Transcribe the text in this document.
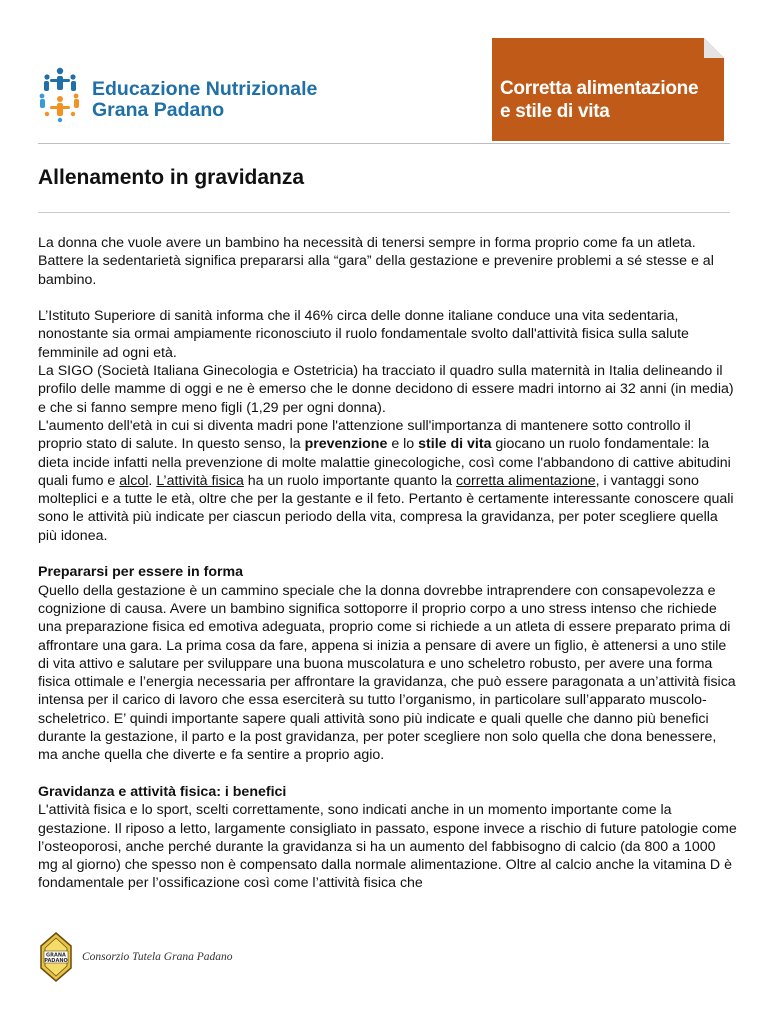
Educazione Nutrizionale
Grana Padano
Corretta alimentazione
e stile di vita
Allenamento in gravidanza

La donna che vuole avere un bambino ha necessità di tenersi sempre in forma proprio come fa un atleta. Battere la sedentarietà significa prepararsi alla “gara” della gestazione e prevenire problemi a sé stesse e al bambino.

L’Istituto Superiore di sanità informa che il 46% circa delle donne italiane conduce una vita sedentaria, nonostante sia ormai ampiamente riconosciuto il ruolo fondamentale svolto dall'attività fisica sulla salute femminile ad ogni età.

La SIGO (Società Italiana Ginecologia e Ostetricia) ha tracciato il quadro sulla maternità in Italia delineando il profilo delle mamme di oggi e ne è emerso che le donne decidono di essere madri intorno ai 32 anni (in media) e che si fanno sempre meno figli (1,29 per ogni donna).

L'aumento dell'età in cui si diventa madri pone l'attenzione sull'importanza di mantenere sotto controllo il proprio stato di salute. In questo senso, la prevenzione e lo stile di vita giocano un ruolo fondamentale: la dieta incide infatti nella prevenzione di molte malattie ginecologiche, così come l'abbandono di cattive abitudini quali fumo e alcol. L’attività fisica ha un ruolo importante quanto la corretta alimentazione, i vantaggi sono molteplici e a tutte le età, oltre che per la gestante e il feto. Pertanto è certamente interessante conoscere quali sono le attività più indicate per ciascun periodo della vita, compresa la gravidanza, per poter scegliere quella più idonea.

Prepararsi per essere in forma

Quello della gestazione è un cammino speciale che la donna dovrebbe intraprendere con consapevolezza e cognizione di causa. Avere un bambino significa sottoporre il proprio corpo a uno stress intenso che richiede una preparazione fisica ed emotiva adeguata, proprio come si richiede a un atleta di essere preparato prima di affrontare una gara. La prima cosa da fare, appena si inizia a pensare di avere un figlio, è attenersi a uno stile di vita attivo e salutare per sviluppare una buona muscolatura e uno scheletro robusto, per avere una forma fisica ottimale e l’energia necessaria per affrontare la gravidanza, che può essere paragonata a un’attività fisica intensa per il carico di lavoro che essa eserciterà su tutto l’organismo, in particolare sull’apparato muscolo-scheletrico. E’ quindi importante sapere quali attività sono più indicate e quali quelle che danno più benefici durante la gestazione, il parto e la post gravidanza, per poter scegliere non solo quella che dona benessere, ma anche quella che diverte e fa sentire a proprio agio.

Gravidanza e attività fisica: i benefici

L'attività fisica e lo sport, scelti correttamente, sono indicati anche in un momento importante come la gestazione. Il riposo a letto, largamente consigliato in passato, espone invece a rischio di future patologie come l’osteoporosi, anche perché durante la gravidanza si ha un aumento del fabbisogno di calcio (da 800 a 1000 mg al giorno) che spesso non è compensato dalla normale alimentazione. Oltre al calcio anche la vitamina D è fondamentale per l’ossificazione così come l’attività fisica che

GRANA
PADANO Consorzio Tutela Grana Padano
